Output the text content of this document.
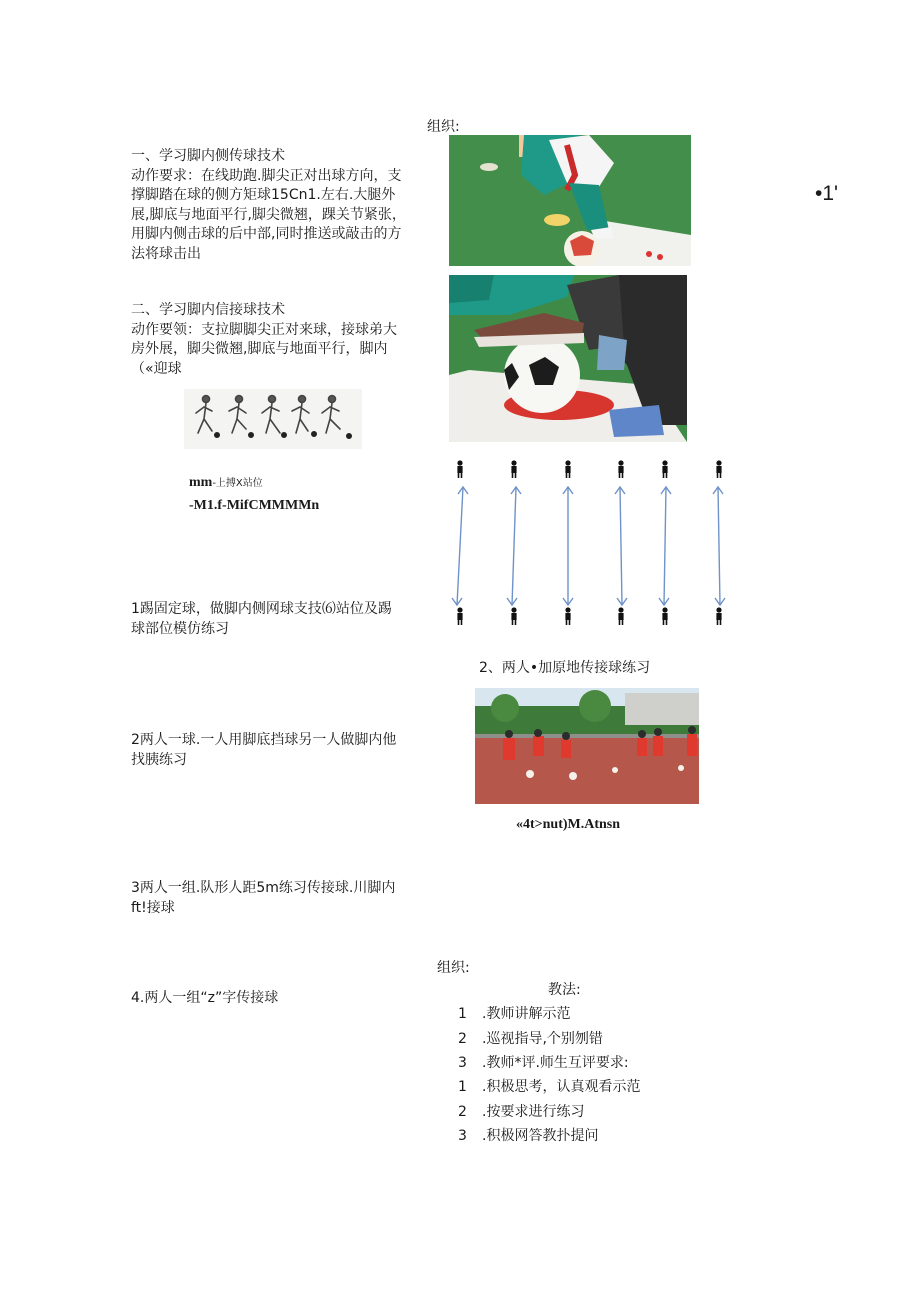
组织:
•1'
一、学习脚内侧传球技术
动作要求：在线助跑.脚尖正对出球方向，支
撑脚踏在球的侧方矩球15Cn1.左右.大腿外
展,脚底与地面平行,脚尖微翘，踝关节紧张，
用脚内侧击球的后中部,同时推送或敲击的方
法将球击出
二、学习脚内信接球技术
动作要领：支拉脚脚尖正对来球，接球弟大
房外展，脚尖微翘,脚底与地面平行，脚内
（«迎球
mm-上搏X站位
-M1.f-MifCMMMMn
1踢固定球，做脚内侧网球支技⑹站位及踢
球部位模仿练习
2、两人•加原地传接球练习
2两人一球.一人用脚底挡球另一人做脚内他
找胰练习
«4t>nut)M.Atnsn
3两人一组.队形人距5m练习传接球.川脚内
ft!接球
组织:
4.两人一组“z”字传接球	教法:
1 .教师讲解示范
2 .巡视指导,个别刎错
3 .教师*评.师生互评要求:
1 .积极思考，认真观看示范
2 .按要求进行练习
3 .积极网答教扑提问
